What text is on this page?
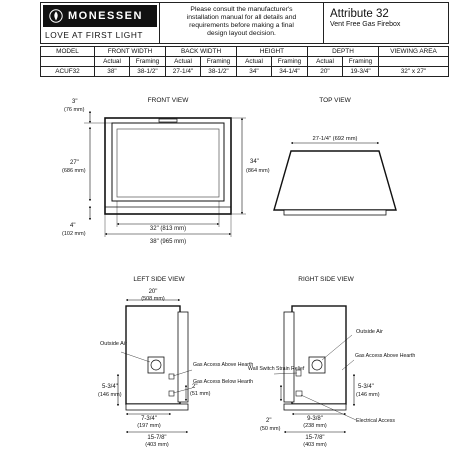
MONESSEN
LOVE AT FIRST LIGHT
Please consult the manufacturer's
installation manual for all details and
requirements before making a final
design layout decision.
Attribute 32
Vent Free Gas Firebox
MODEL	FRONT WIDTH		BACK WIDTH		HEIGHT		DEPTH		VIEWING AREA
	Actual	Framing	Actual	Framing	Actual	Framing	Actual	Framing	
ACUF32	38"	38-1/2"	27-1/4"	38-1/2"	34"	34-1/4"	20"	19-3/4"	32" x 27"
FRONT VIEW
3"
(76 mm)
27"
(686 mm)
34"
(864 mm)
4"
(102 mm)
32" (813 mm)
38" (965 mm)
TOP VIEW
27-1/4" (692 mm)
LEFT SIDE VIEW
20"
(508 mm)
Outside Air
Gas Access Above Hearth
Gas Access Below Hearth
5-3/4"
(146 mm)
2"
(51 mm)
7-3/4"
(197 mm)
15-7/8"
(403 mm)
RIGHT SIDE VIEW
Outside Air
Wall Switch Strain Relief
Gas Access Above Hearth
5-3/4"
(146 mm)
2"
(50 mm)
9-3/8"
(238 mm)
Electrical Access
15-7/8"
(403 mm)
